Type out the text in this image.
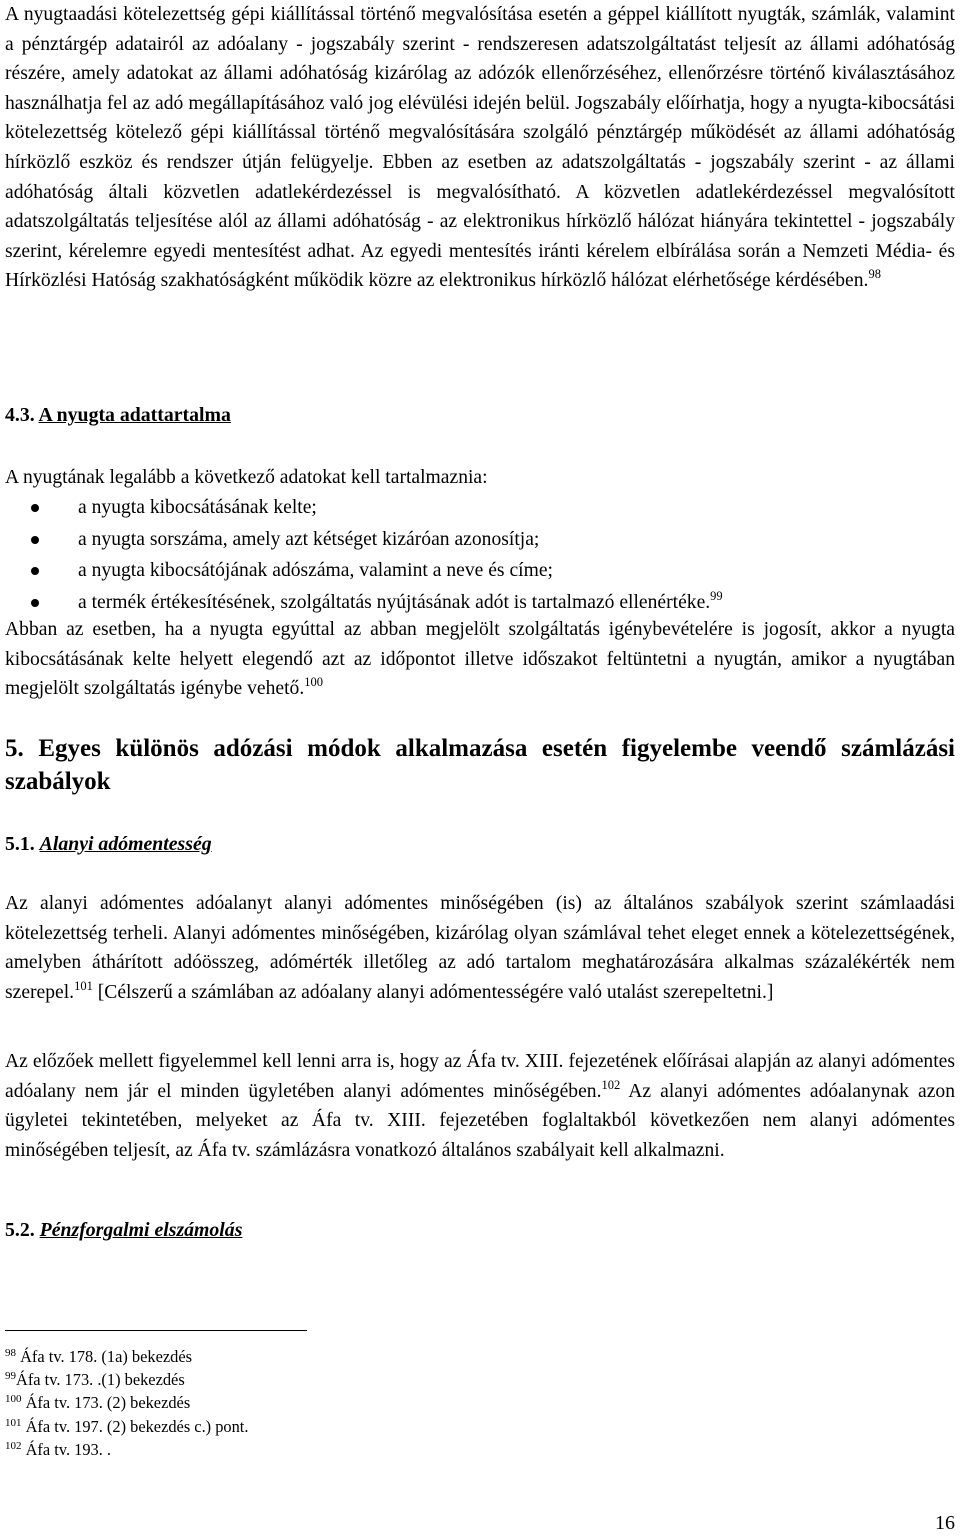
A nyugtaadási kötelezettség gépi kiállítással történő megvalósítása esetén a géppel kiállított nyugták, számlák, valamint a pénztárgép adatairól az adóalany - jogszabály szerint - rendszeresen adatszolgáltatást teljesít az állami adóhatóság részére, amely adatokat az állami adóhatóság kizárólag az adózók ellenőrzéséhez, ellenőrzésre történő kiválasztásához használhatja fel az adó megállapításához való jog elévülési idején belül. Jogszabály előírhatja, hogy a nyugta-kibocsátási kötelezettség kötelező gépi kiállítással történő megvalósítására szolgáló pénztárgép működését az állami adóhatóság hírközlő eszköz és rendszer útján felügyelje. Ebben az esetben az adatszolgáltatás - jogszabály szerint - az állami adóhatóság általi közvetlen adatlekérdezéssel is megvalósítható. A közvetlen adatlekérdezéssel megvalósított adatszolgáltatás teljesítése alól az állami adóhatóság - az elektronikus hírközlő hálózat hiányára tekintettel - jogszabály szerint, kérelemre egyedi mentesítést adhat. Az egyedi mentesítés iránti kérelem elbírálása során a Nemzeti Média- és Hírközlési Hatóság szakhatóságként működik közre az elektronikus hírközlő hálózat elérhetősége kérdésében.$^{98}$

4.3. A nyugta adattartalma

A nyugtának legalább a következő adatokat kell tartalmaznia:

a nyugta kibocsátásának kelte;
a nyugta sorszáma, amely azt kétséget kizáróan azonosítja;
a nyugta kibocsátójának adószáma, valamint a neve és címe;
a termék értékesítésének, szolgáltatás nyújtásának adót is tartalmazó ellenértéke.$^{99}$

Abban az esetben, ha a nyugta egyúttal az abban megjelölt szolgáltatás igénybevételére is jogosít, akkor a nyugta kibocsátásának kelte helyett elegendő azt az időpontot illetve időszakot feltüntetni a nyugtán, amikor a nyugtában megjelölt szolgáltatás igénybe vehető.$^{100}$

5. Egyes különös adózási módok alkalmazása esetén figyelembe veendő számlázási szabályok

5.1. Alanyi adómentesség

Az alanyi adómentes adóalanyt alanyi adómentes minőségében (is) az általános szabályok szerint számlaadási kötelezettség terheli. Alanyi adómentes minőségében, kizárólag olyan számlával tehet eleget ennek a kötelezettségének, amelyben áthárított adóösszeg, adómérték illetőleg az adó tartalom meghatározására alkalmas százalékérték nem szerepel.$^{101}$ [Célszerű a számlában az adóalany alanyi adómentességére való utalást szerepeltetni.]

Az előzőek mellett figyelemmel kell lenni arra is, hogy az Áfa tv. XIII. fejezetének előírásai alapján az alanyi adómentes adóalany nem jár el minden ügyletében alanyi adómentes minőségében.$^{102}$ Az alanyi adómentes adóalanynak azon ügyletei tekintetében, melyeket az Áfa tv. XIII. fejezetében foglaltakból következően nem alanyi adómentes minőségében teljesít, az Áfa tv. számlázásra vonatkozó általános szabályait kell alkalmazni.

5.2. Pénzforgalmi elszámolás

$^{98}$ Áfa tv. 178. (1a) bekezdés
$^{99}$Áfa tv. 173. .(1) bekezdés
$^{100}$ Áfa tv. 173. (2) bekezdés
$^{101}$ Áfa tv. 197. (2) bekezdés c.) pont.
$^{102}$ Áfa tv. 193. .
16
